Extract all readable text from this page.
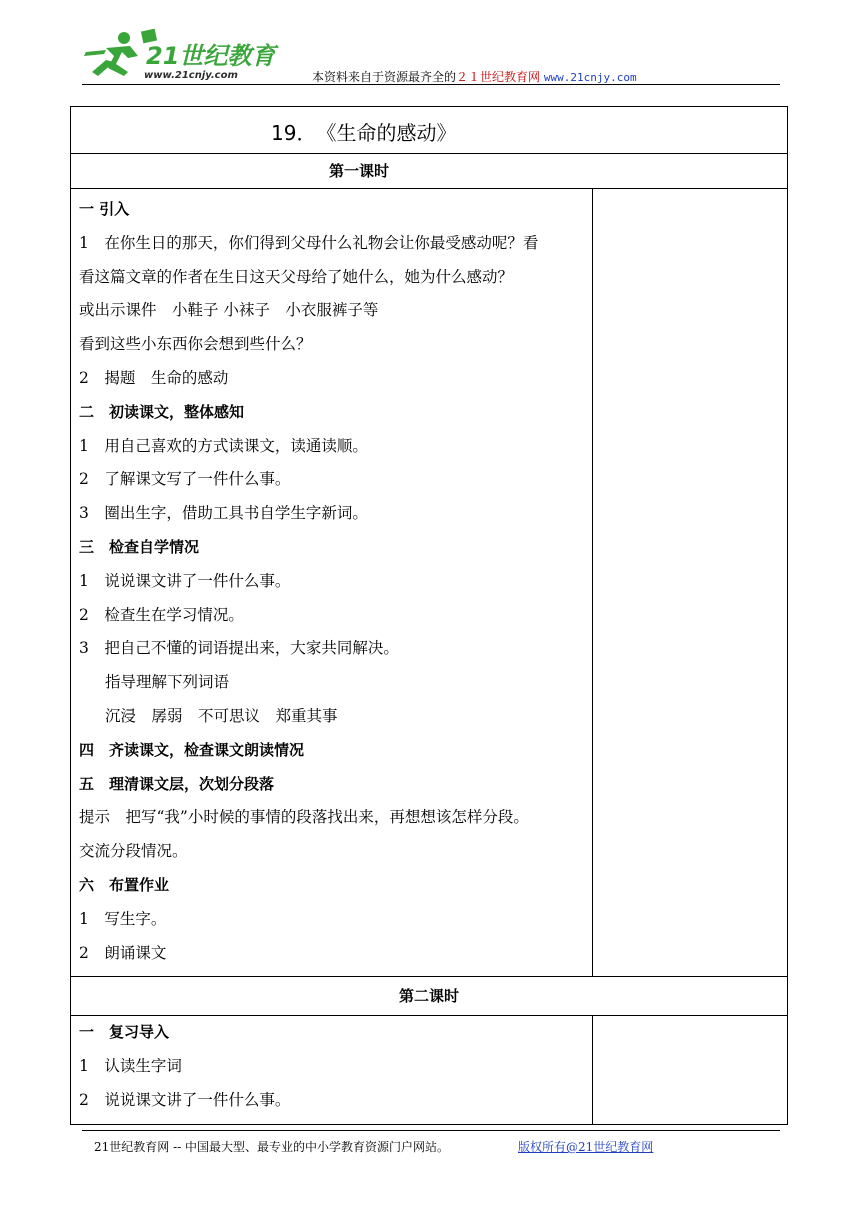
21世纪教育
www.21cnjy.com	本资料来自于资源最齐全的２１世纪教育网 www.21cnjy.com
19．　《生命的感动》
第一课时
一 引入
1　在你生日的那天，你们得到父母什么礼物会让你最受感动呢？看
看这篇文章的作者在生日这天父母给了她什么，她为什么感动？
或出示课件　小鞋子 小袜子　小衣服裤子等
看到这些小东西你会想到些什么？
2　揭题　生命的感动
二　初读课文，整体感知
1　用自己喜欢的方式读课文，读通读顺。
2　了解课文写了一件什么事。
3　圈出生字，借助工具书自学生字新词。
三　检查自学情况
1　说说课文讲了一件什么事。
2　检查生在学习情况。
3　把自己不懂的词语提出来，大家共同解决。
指导理解下列词语
沉浸　孱弱　不可思议　郑重其事
四　齐读课文，检查课文朗读情况
五　理清课文层，次划分段落
提示　把写“我”小时候的事情的段落找出来，再想想该怎样分段。
交流分段情况。
六　布置作业
1　写生字。
2　朗诵课文
第二课时
一　复习导入
1　认读生字词
2　说说课文讲了一件什么事。
21世纪教育网 -- 中国最大型、最专业的中小学教育资源门户网站。	版权所有@21世纪教育网
